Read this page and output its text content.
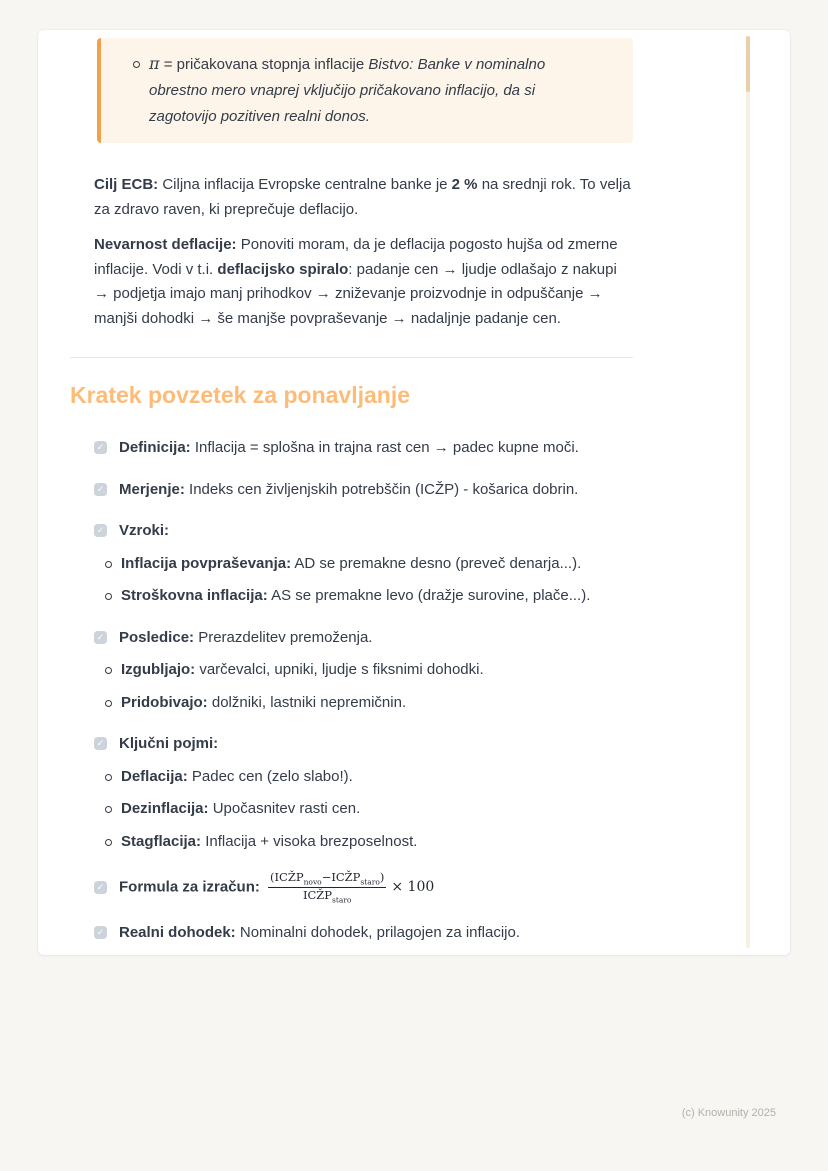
π = pričakovana stopnja inflacije Bistvo: Banke v nominalno obrestno mero vnaprej vključijo pričakovano inflacijo, da si zagotovijo pozitiven realni donos.
Cilj ECB: Ciljna inflacija Evropske centralne banke je 2 % na srednji rok. To velja za zdravo raven, ki preprečuje deflacijo.
Nevarnost deflacije: Ponoviti moram, da je deflacija pogosto hujša od zmerne inflacije. Vodi v t.i. deflacijsko spiralo: padanje cen → ljudje odlašajo z nakupi → podjetja imajo manj prihodkov → zniževanje proizvodnje in odpuščanje → manjši dohodki → še manjše povpraševanje → nadaljnje padanje cen.
Kratek povzetek za ponavljanje
✓ Definicija: Inflacija = splošna in trajna rast cen → padec kupne moči.
✓ Merjenje: Indeks cen življenjskih potrebščin (ICŽP) - košarica dobrin.
✓ Vzroki:
Inflacija povpraševanja: AD se premakne desno (preveč denarja...).
Stroškovna inflacija: AS se premakne levo (dražje surovine, plače...).
✓ Posledice: Prerazdelitev premoženja.
Izgubljajo: varčevalci, upniki, ljudje s fiksnimi dohodki.
Pridobivajo: dolžniki, lastniki nepremičnin.
✓ Ključni pojmi:
Deflacija: Padec cen (zelo slabo!).
Dezinflacija: Upočasnitev rasti cen.
Stagflacija: Inflacija + visoka brezposelnost.
✓ Formula za izračun: $\frac{(ICŽP_{novo}-ICŽP_{staro})}{ICŽP_{staro}} \times 100$
✓ Realni dohodek: Nominalni dohodek, prilagojen za inflacijo.
(c) Knowunity 2025
